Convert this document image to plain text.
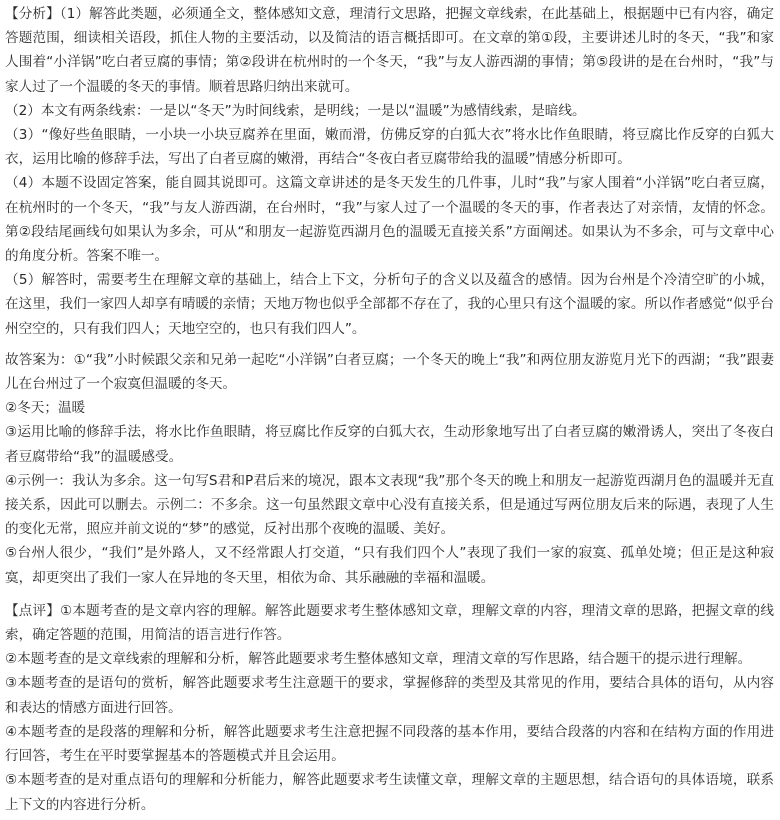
【分析】（1）解答此类题，必须通全文，整体感知文意，理清行文思路，把握文章线索，在此基础上，根据题中已有内容，确定答题范围，细读相关语段，抓住人物的主要活动，以及简洁的语言概括即可。在文章的第①段，主要讲述儿时的冬天，“我”和家人围着“小洋锅”吃白者豆腐的事情；第②段讲在杭州时的一个冬天，“我”与友人游西湖的事情；第⑤段讲的是在台州时，“我”与家人过了一个温暖的冬天的事情。顺着思路归纳出来就可。

（2）本文有两条线索：一是以“冬天”为时间线索，是明线；一是以“温暖”为感情线索，是暗线。

（3）“像好些鱼眼睛，一小块一小块豆腐养在里面，嫩而滑，仿佛反穿的白狐大衣”将水比作鱼眼睛，将豆腐比作反穿的白狐大衣，运用比喻的修辞手法，写出了白者豆腐的嫩滑，再结合“冬夜白者豆腐带给我的温暖”情感分析即可。

（4）本题不设固定答案，能自圆其说即可。这篇文章讲述的是冬天发生的几件事，儿时“我”与家人围着“小洋锅”吃白者豆腐，在杭州时的一个冬天，“我”与友人游西湖，在台州时，“我”与家人过了一个温暖的冬天的事，作者表达了对亲情，友情的怀念。第②段结尾画线句如果认为多余，可从“和朋友一起游览西湖月色的温暖无直接关系”方面阐述。如果认为不多余，可与文章中心的角度分析。答案不唯一。

（5）解答时，需要考生在理解文章的基础上，结合上下文，分析句子的含义以及蕴含的感情。因为台州是个冷清空旷的小城，在这里，我们一家四人却享有晴暖的亲情；天地万物也似乎全部都不存在了，我的心里只有这个温暖的家。所以作者感觉“似乎台州空空的，只有我们四人；天地空空的，也只有我们四人”。

故答案为：①“我”小时候跟父亲和兄弟一起吃“小洋锅”白者豆腐；一个冬天的晚上“我”和两位朋友游览月光下的西湖；“我”跟妻儿在台州过了一个寂寞但温暖的冬天。

②冬天；温暖

③运用比喻的修辞手法，将水比作鱼眼睛，将豆腐比作反穿的白狐大衣，生动形象地写出了白者豆腐的嫩滑诱人，突出了冬夜白者豆腐带给“我”的温暖感受。

④示例一：我认为多余。这一句写S君和P君后来的境况，跟本文表现“我”那个冬天的晚上和朋友一起游览西湖月色的温暖并无直接关系，因此可以删去。示例二：不多余。这一句虽然跟文章中心没有直接关系，但是通过写两位朋友后来的际遇，表现了人生的变化无常，照应并前文说的“梦”的感觉，反衬出那个夜晚的温暖、美好。

⑤台州人很少，“我们”是外路人，又不经常跟人打交道，“只有我们四个人”表现了我们一家的寂寞、孤单处境；但正是这种寂寞，却更突出了我们一家人在异地的冬天里，相依为命、其乐融融的幸福和温暖。

【点评】①本题考查的是文章内容的理解。解答此题要求考生整体感知文章，理解文章的内容，理清文章的思路，把握文章的线索，确定答题的范围，用简洁的语言进行作答。

②本题考查的是文章线索的理解和分析，解答此题要求考生整体感知文章，理清文章的写作思路，结合题干的提示进行理解。

③本题考查的是语句的赏析，解答此题要求考生注意题干的要求，掌握修辞的类型及其常见的作用，要结合具体的语句，从内容和表达的情感方面进行回答。

④本题考查的是段落的理解和分析，解答此题要求考生注意把握不同段落的基本作用，要结合段落的内容和在结构方面的作用进行回答，考生在平时要掌握基本的答题模式并且会运用。

⑤本题考查的是对重点语句的理解和分析能力，解答此题要求考生读懂文章，理解文章的主题思想，结合语句的具体语境，联系上下文的内容进行分析。
